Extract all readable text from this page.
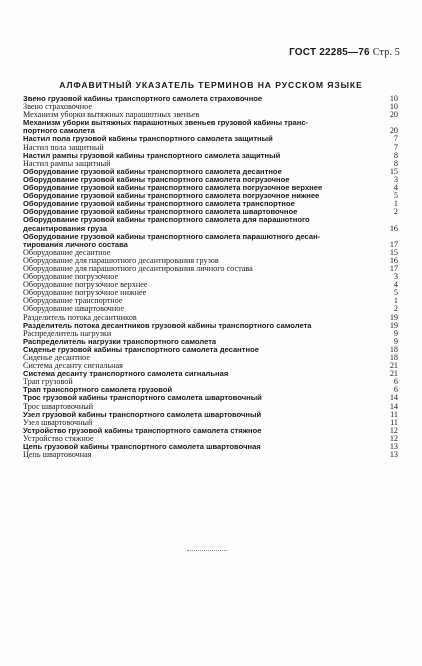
ГОСТ 22285—76 Стр. 5
АЛФАВИТНЫЙ УКАЗАТЕЛЬ ТЕРМИНОВ НА РУССКОМ ЯЗЫКЕ
Звено грузовой кабины транспортного самолета страховочное	10
Звено страховочное	10
Механизм уборки вытяжных парашютных звеньев	20
Механизм уборки вытяжных парашютных звеньев грузовой кабины транс-
портного самолета	20
Настил пола грузовой кабины транспортного самолета защитный	7
Настил пола защитный	7
Настил рампы грузовой кабины транспортного самолета защитный	8
Настил рампы защитный	8
Оборудование грузовой кабины транспортного самолета десантное	15
Оборудование грузовой кабины транспортного самолета погрузочное	3
Оборудование грузовой кабины транспортного самолета погрузочное верхнее	4
Оборудование грузовой кабины транспортного самолета погрузочное нижнее	5
Оборудование грузовой кабины транспортного самолета транспортное	1
Оборудование грузовой кабины транспортного самолета швартовочное	2
Оборудование грузовой кабины транспортного самолета для парашютного
десантирования груза	16
Оборудование грузовой кабины транспортного самолета парашютного десан-
тирования личного состава	17
Оборудование десантное	15
Оборудование для парашютного десантирования грузов	16
Оборудование для парашютного десантирования личного состава	17
Оборудование погрузочное	3
Оборудование погрузочное верхнее	4
Оборудование погрузочное нижнее	5
Оборудование транспортное	1
Оборудование швартовочное	2
Разделитель потока десантников	19
Разделитель потока десантников грузовой кабины транспортного самолета	19
Распределитель нагрузки	9
Распределитель нагрузки транспортного самолета	9
Сиденье грузовой кабины транспортного самолета десантное	18
Сиденье десантное	18
Система десанту сигнальная	21
Система десанту транспортного самолета сигнальная	21
Трап грузовой	6
Трап транспортного самолета грузовой	6
Трос грузовой кабины транспортного самолета швартовочный	14
Трос швартовочный	14
Узел грузовой кабины транспортного самолета швартовочный	11
Узел швартовочный	11
Устройство грузовой кабины транспортного самолета стяжное	12
Устройство стяжное	12
Цепь грузовой кабины транспортного самолета швартовочная	13
Цепь швартовочная	13
